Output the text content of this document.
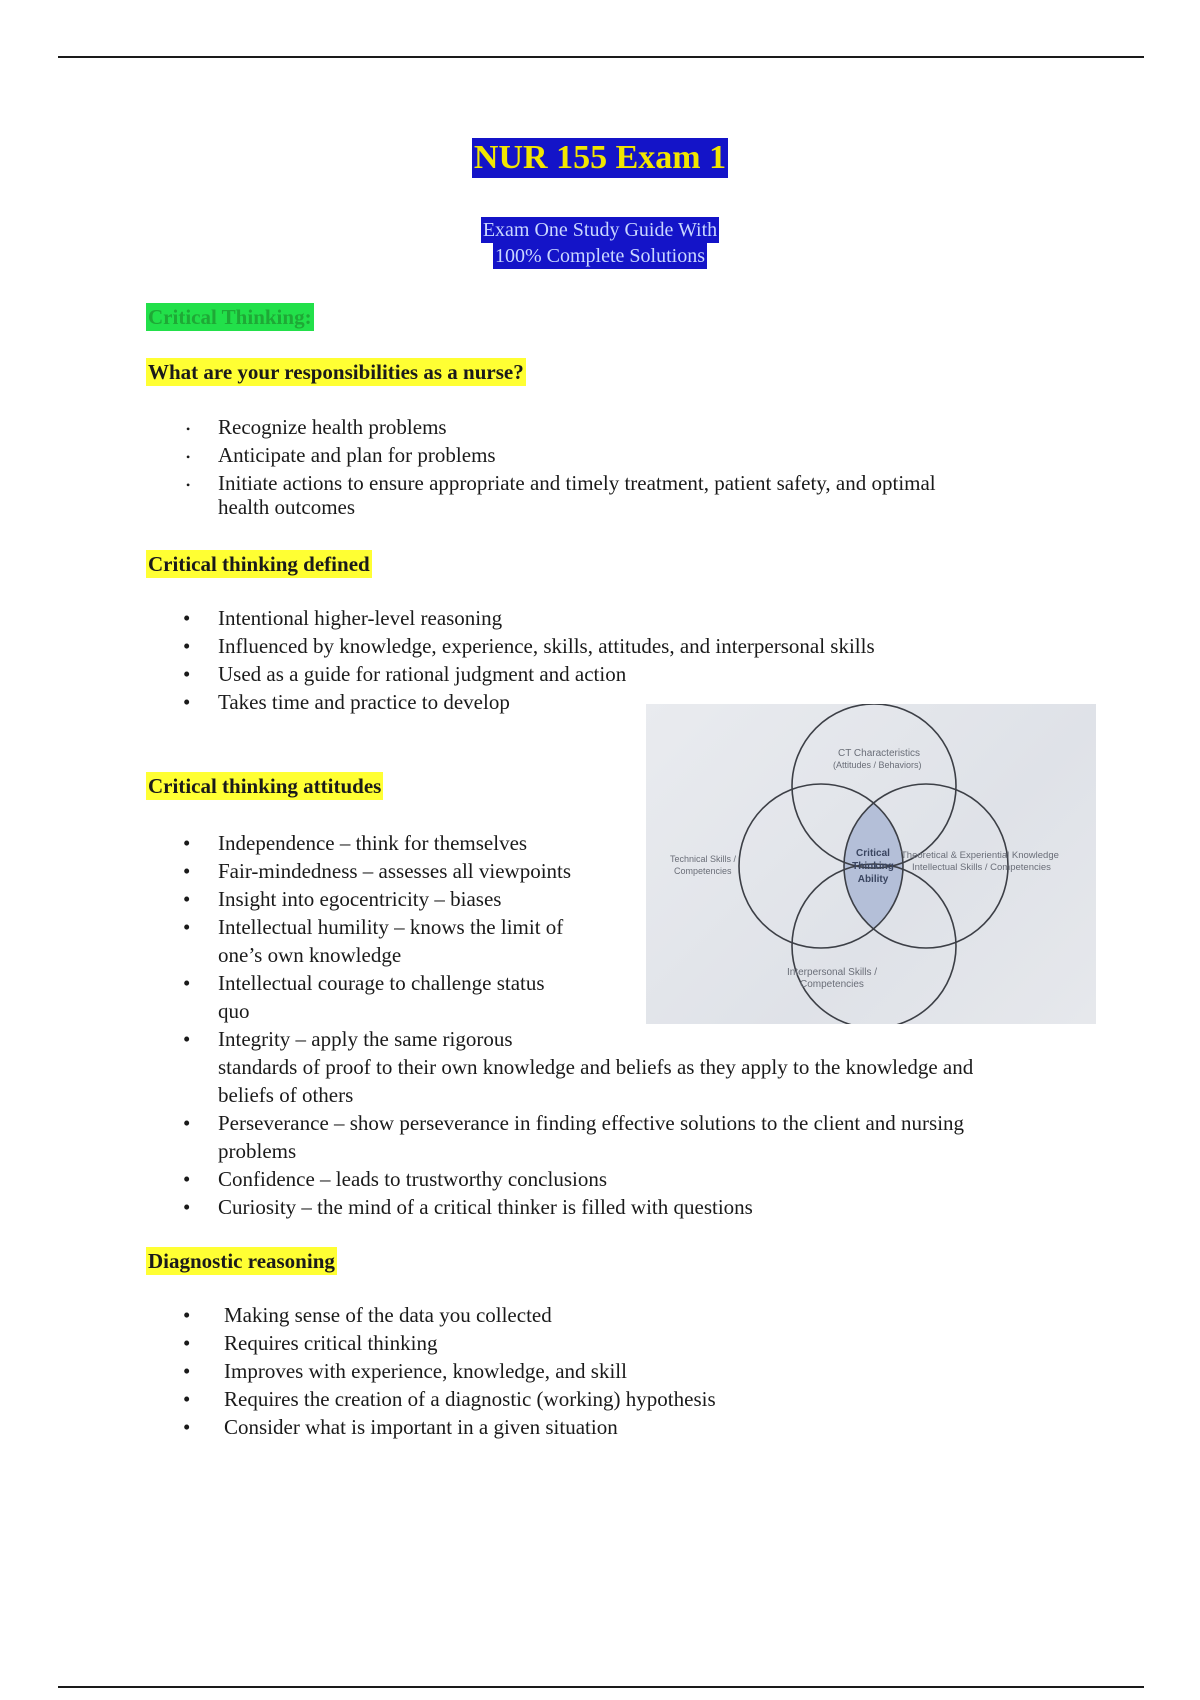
NUR 155 Exam 1
Exam One Study Guide With
100% Complete Solutions
Critical Thinking:
What are your responsibilities as a nurse?
• Recognize health problems
• Anticipate and plan for problems
• Initiate actions to ensure appropriate and timely treatment, patient safety, and optimal
health outcomes
Critical thinking defined
• Intentional higher-level reasoning
• Influenced by knowledge, experience, skills, attitudes, and interpersonal skills
• Used as a guide for rational judgment and action
• Takes time and practice to develop
Critical thinking attitudes
• Independence – think for themselves
• Fair-mindedness – assesses all viewpoints
• Insight into egocentricity – biases
• Intellectual humility – knows the limit of
one’s own knowledge
• Intellectual courage to challenge status
quo
• Integrity – apply the same rigorous
standards of proof to their own knowledge and beliefs as they apply to the knowledge and
beliefs of others
• Perseverance – show perseverance in finding effective solutions to the client and nursing
problems
• Confidence – leads to trustworthy conclusions
• Curiosity – the mind of a critical thinker is filled with questions
Diagnostic reasoning
• Making sense of the data you collected
• Requires critical thinking
• Improves with experience, knowledge, and skill
• Requires the creation of a diagnostic (working) hypothesis
• Consider what is important in a given situation
CT Characteristics
(Attitudes / Behaviors)
Technical Skills /
Competencies
Theoretical & Experiential Knowledge
Intellectual Skills / Competencies
Interpersonal Skills /
Competencies
Critical
Thinking
Ability
